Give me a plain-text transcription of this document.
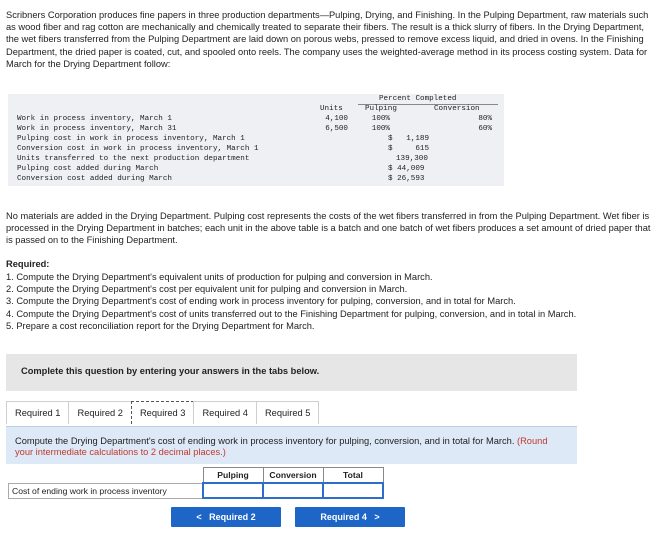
Scribners Corporation produces fine papers in three production departments—Pulping, Drying, and Finishing. In the Pulping Department, raw materials such as wood fiber and rag cotton are mechanically and chemically treated to separate their fibers. The result is a thick slurry of fibers. In the Drying Department, the wet fibers transferred from the Pulping Department are laid down on porous webs, pressed to remove excess liquid, and dried in ovens. In the Finishing Department, the dried paper is coated, cut, and spooled onto reels. The company uses the weighted-average method in its process costing system. Data for March for the Drying Department follow:

Percent Completed
Units	Pulping	Conversion
Work in process inventory, March 1	4,100	100%	80%
Work in process inventory, March 31	6,500	100%	60%
Pulping cost in work in process inventory, March 1	$   1,189
Conversion cost in work in process inventory, March 1	$     615
Units transferred to the next production department	139,300
Pulping cost added during March	$ 44,009
Conversion cost added during March	$ 26,593

No materials are added in the Drying Department. Pulping cost represents the costs of the wet fibers transferred in from the Pulping Department. Wet fiber is processed in the Drying Department in batches; each unit in the above table is a batch and one batch of wet fibers produces a set amount of dried paper that is passed on to the Finishing Department.

Required:

1. Compute the Drying Department's equivalent units of production for pulping and conversion in March.
2. Compute the Drying Department's cost per equivalent unit for pulping and conversion in March.
3. Compute the Drying Department's cost of ending work in process inventory for pulping, conversion, and in total for March.
4. Compute the Drying Department's cost of units transferred out to the Finishing Department for pulping, conversion, and in total in March.
5. Prepare a cost reconciliation report for the Drying Department for March.

Complete this question by entering your answers in the tabs below.

Required 1	Required 2	Required 3	Required 4	Required 5

Compute the Drying Department's cost of ending work in process inventory for pulping, conversion, and in total for March. (Round your intermediate calculations to 2 decimal places.)

	Pulping	Conversion	Total
Cost of ending work in process inventory			
< Required 2	Required 4 >
